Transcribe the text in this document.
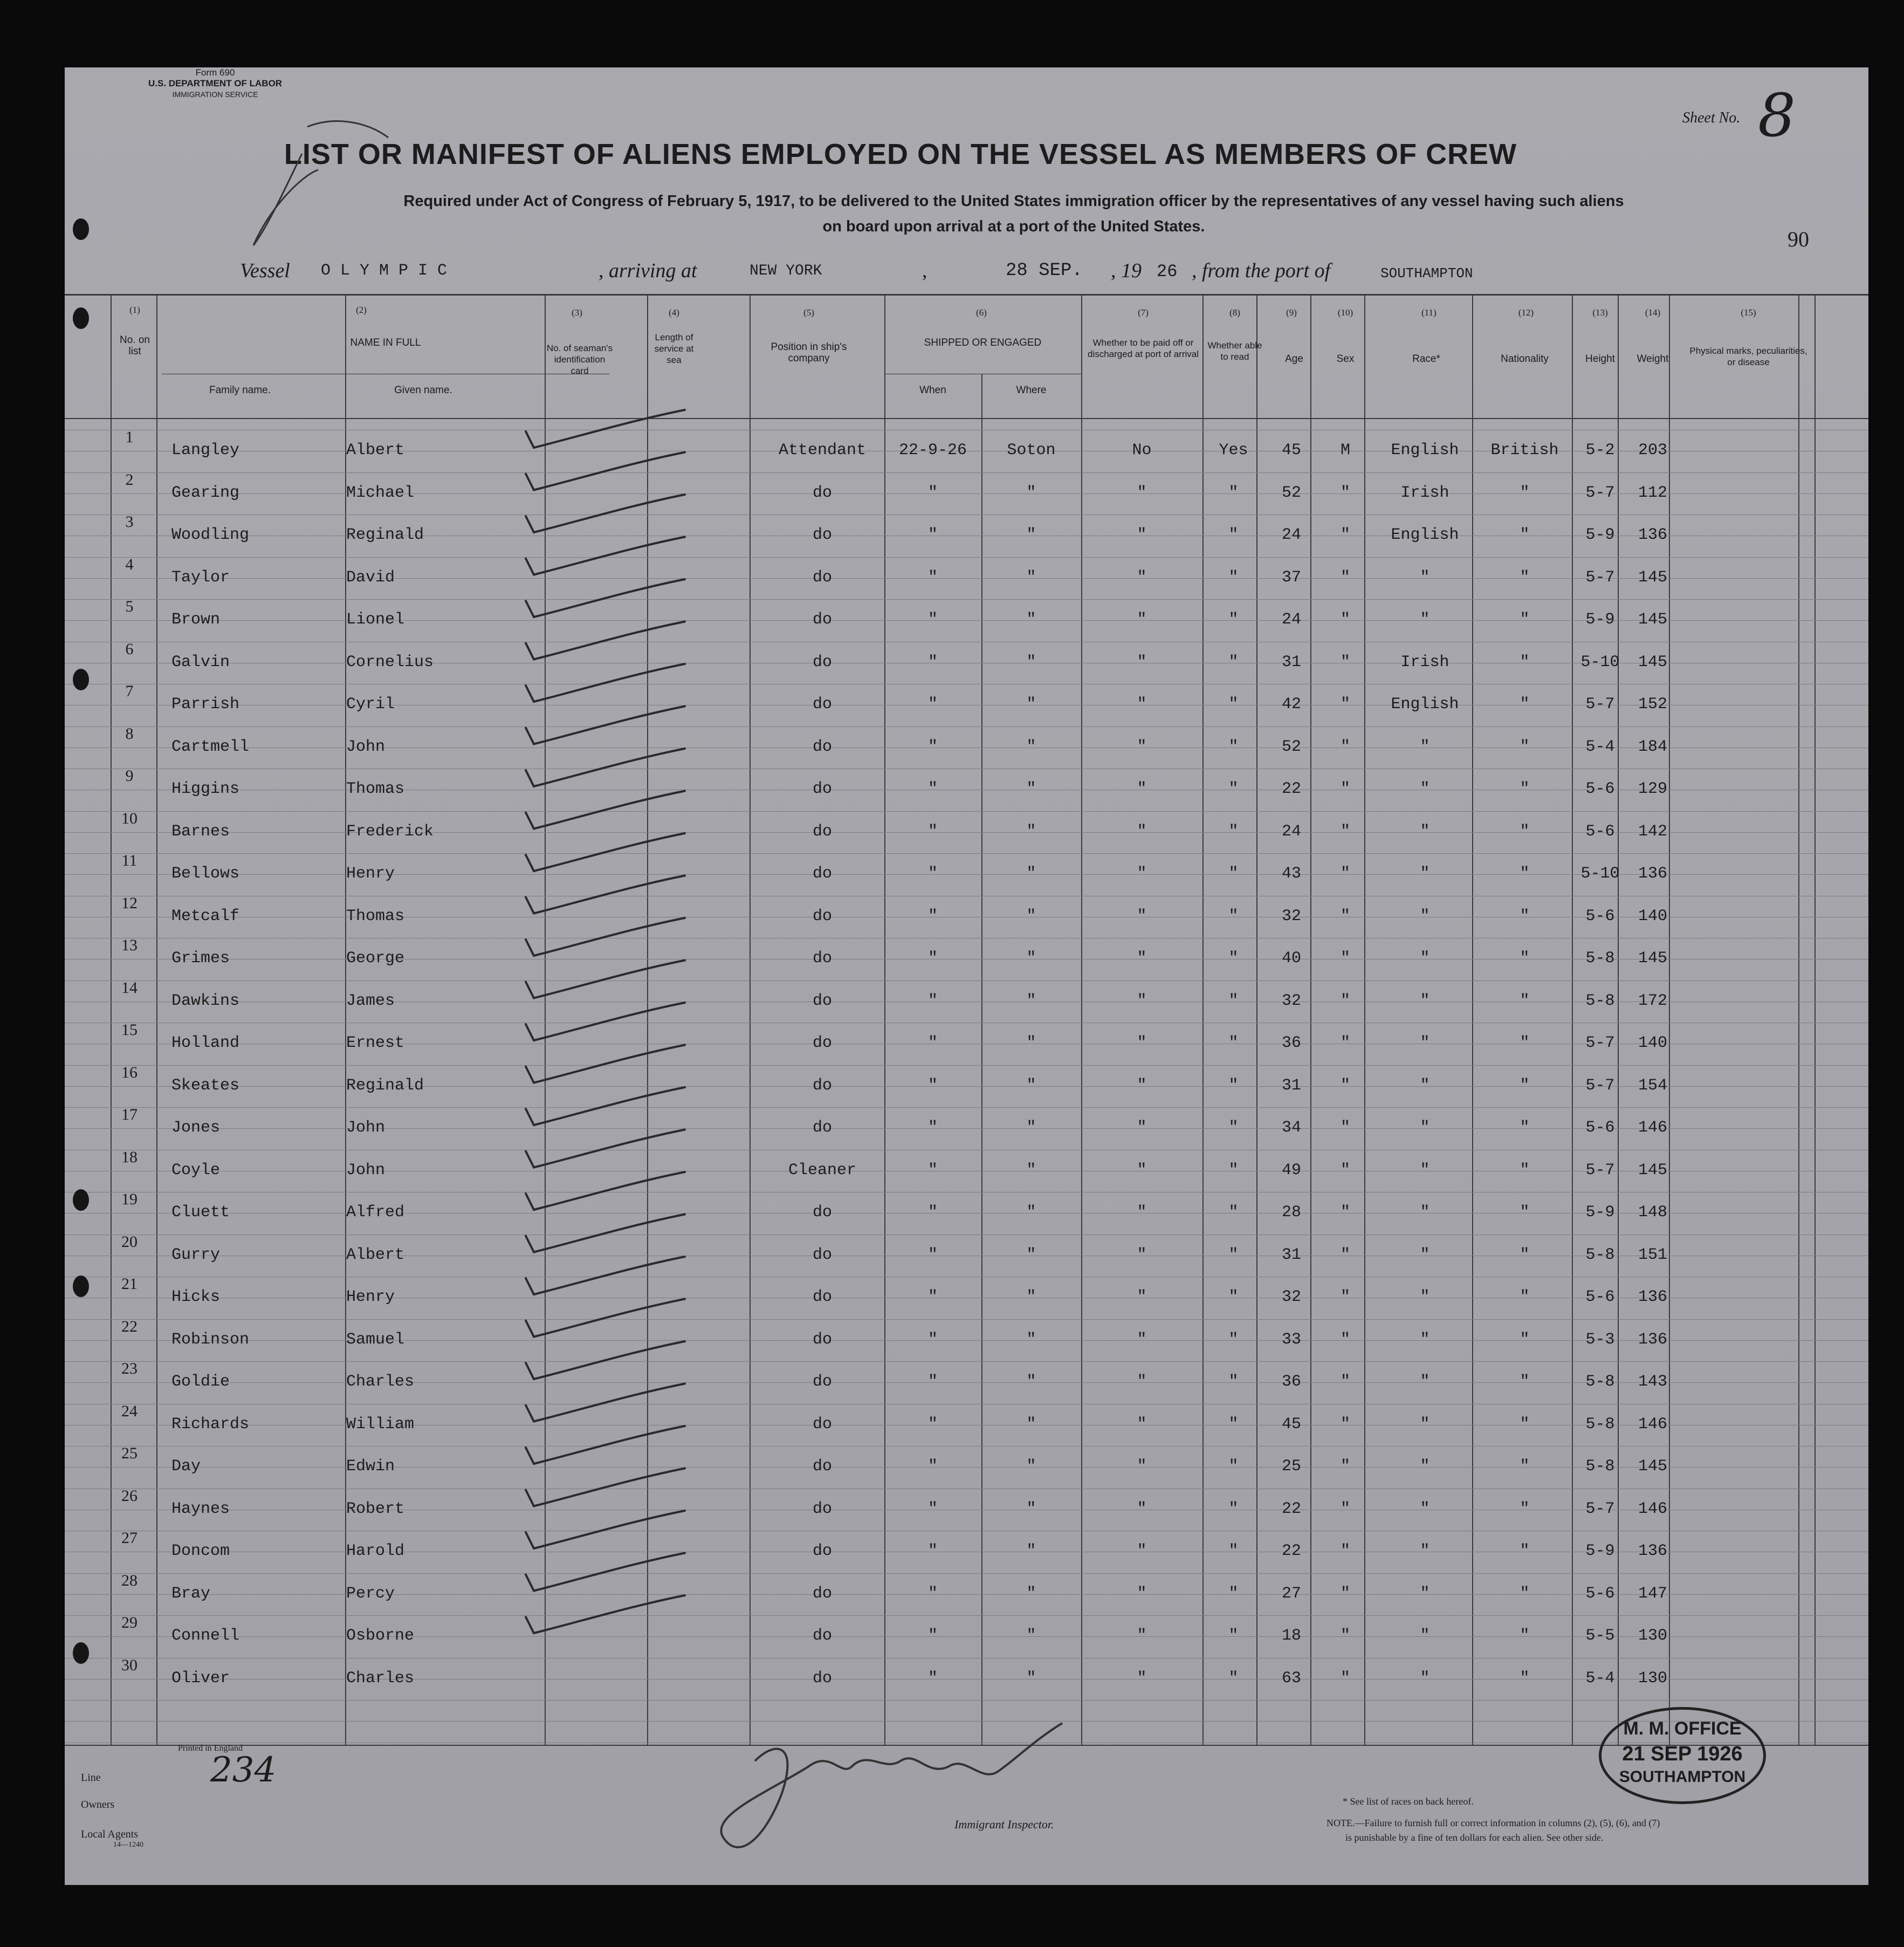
Form 690
U.S. DEPARTMENT OF LABOR
IMMIGRATION SERVICE
Sheet No. 8
90
LIST OR MANIFEST OF ALIENS EMPLOYED ON THE VESSEL AS MEMBERS OF CREW
Required under Act of Congress of February 5, 1917, to be delivered to the United States immigration officer by the representatives of any vessel having such aliens
on board upon arrival at a port of the United States.
Vessel O L Y M P I C	, arriving at	NEW YORK	,	28 SEP. , 19 26 , from the port of	SOUTHAMPTON
(1)
No. on list
(2)
NAME IN FULL
Family name.	Given name.
(3)
No. of seaman's identification card
(4)
Length of service at sea
(5)
Position in ship's company
(6)
SHIPPED OR ENGAGED
When	Where
(7)
Whether to be paid off or discharged at port of arrival
(8)
Whether able to read
(9)
Age
(10)
Sex
(11)
Race*
(12)
Nationality
(13)
Height
(14)
Weight
(15)
Physical marks, peculiarities, or disease
1
Langley	Albert	Attendant	22-9-26	Soton	No	Yes	45	M	English	British	5-2	203
2
Gearing	Michael	do	"	"	"	"	52	"	Irish	"	5-7	112
3
Woodling	Reginald	do	"	"	"	"	24	"	English	"	5-9	136
4
Taylor	David	do	"	"	"	"	37	"	"	"	5-7	145
5
Brown	Lionel	do	"	"	"	"	24	"	"	"	5-9	145
6
Galvin	Cornelius	do	"	"	"	"	31	"	Irish	"	5-10	145
7
Parrish	Cyril	do	"	"	"	"	42	"	English	"	5-7	152
8
Cartmell	John	do	"	"	"	"	52	"	"	"	5-4	184
9
Higgins	Thomas	do	"	"	"	"	22	"	"	"	5-6	129
10
Barnes	Frederick	do	"	"	"	"	24	"	"	"	5-6	142
11
Bellows	Henry	do	"	"	"	"	43	"	"	"	5-10	136
12
Metcalf	Thomas	do	"	"	"	"	32	"	"	"	5-6	140
13
Grimes	George	do	"	"	"	"	40	"	"	"	5-8	145
14
Dawkins	James	do	"	"	"	"	32	"	"	"	5-8	172
15
Holland	Ernest	do	"	"	"	"	36	"	"	"	5-7	140
16
Skeates	Reginald	do	"	"	"	"	31	"	"	"	5-7	154
17
Jones	John	do	"	"	"	"	34	"	"	"	5-6	146
18
Coyle	John	Cleaner	"	"	"	"	49	"	"	"	5-7	145
19
Cluett	Alfred	do	"	"	"	"	28	"	"	"	5-9	148
20
Gurry	Albert	do	"	"	"	"	31	"	"	"	5-8	151
21
Hicks	Henry	do	"	"	"	"	32	"	"	"	5-6	136
22
Robinson	Samuel	do	"	"	"	"	33	"	"	"	5-3	136
23
Goldie	Charles	do	"	"	"	"	36	"	"	"	5-8	143
24
Richards	William	do	"	"	"	"	45	"	"	"	5-8	146
25
Day	Edwin	do	"	"	"	"	25	"	"	"	5-8	145
26
Haynes	Robert	do	"	"	"	"	22	"	"	"	5-7	146
27
Doncom	Harold	do	"	"	"	"	22	"	"	"	5-9	136
28
Bray	Percy	do	"	"	"	"	27	"	"	"	5-6	147
29
Connell	Osborne	do	"	"	"	"	18	"	"	"	5-5	130
30
Oliver	Charles	do	"	"	"	"	63	"	"	"	5-4	130
Printed in England
Line
Owners
Local Agents
14—1240
234
Immigrant Inspector.
* See list of races on back hereof.
NOTE.—Failure to furnish full or correct information in columns (2), (5), (6), and (7)
is punishable by a fine of ten dollars for each alien. See other side.
M. M. OFFICE
21 SEP 1926
SOUTHAMPTON
